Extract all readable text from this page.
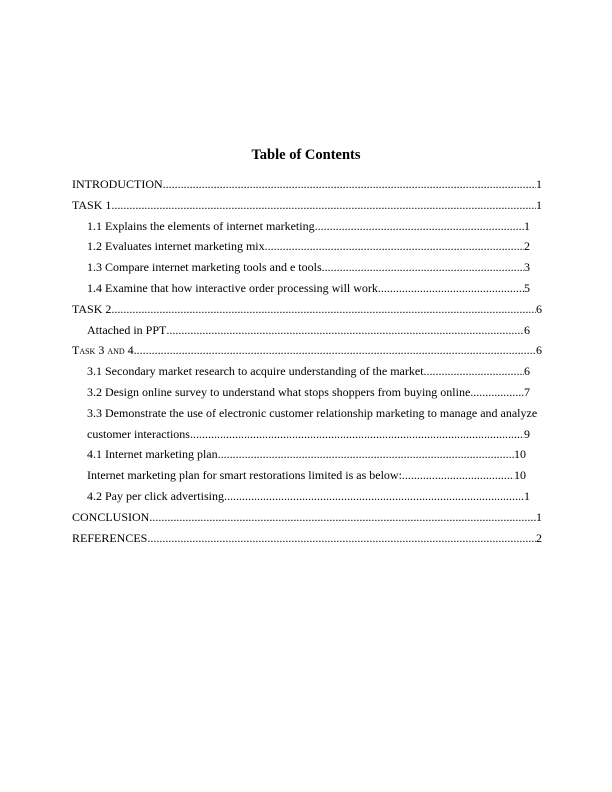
Table of Contents
INTRODUCTION .....	1
TASK 1 .....	1
1.1 Explains the elements of internet marketing .....	1
1.2 Evaluates internet marketing mix .....	2
1.3 Compare internet marketing tools and e tools .....	3
1.4 Examine that how interactive order processing will work .....	5
TASK 2 .....	6
Attached in PPT .....	6
Task 3 and 4 .....	6
3.1 Secondary market research to acquire understanding of the market .....	6
3.2 Design online survey to understand what stops shoppers from buying online .....	7
3.3 Demonstrate the use of electronic customer relationship marketing to manage and analyze
customer interactions .....	9
4.1 Internet marketing plan .....	10
Internet marketing plan for smart restorations limited is as below: .....	10
4.2 Pay per click advertising .....	1
CONCLUSION .....	1
REFERENCES .....	2
